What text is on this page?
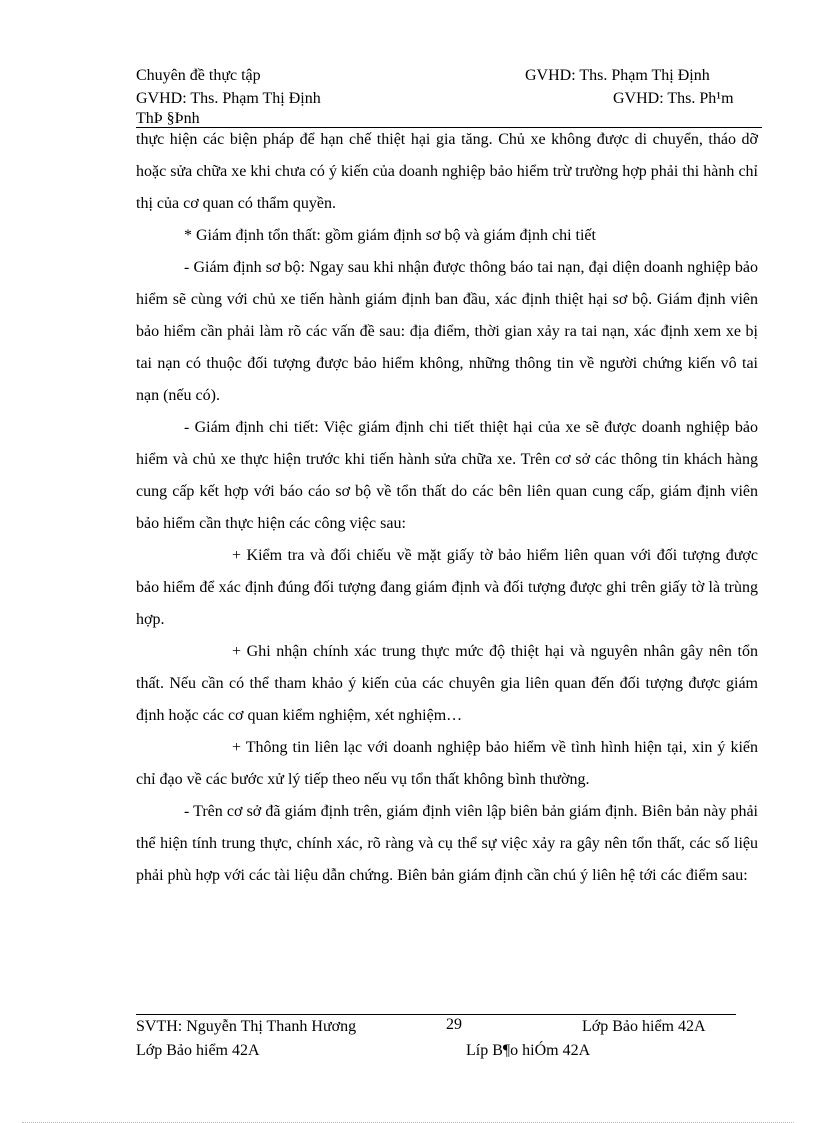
Chuyên đề thực tập	GVHD: Ths. Phạm Thị Định
GVHD: Ths. Phạm Thị Định	GVHD: Ths. Ph¹m
ThÞ §Þnh

thực hiện các biện pháp để hạn chế thiệt hại gia tăng. Chủ xe không được di chuyển, tháo dỡ hoặc sửa chữa xe khi chưa có ý kiến của doanh nghiệp bảo hiểm trừ trường hợp phải thi hành chỉ thị của cơ quan có thẩm quyền.

* Giám định tổn thất: gồm giám định sơ bộ và giám định chi tiết

- Giám định sơ bộ: Ngay sau khi nhận được thông báo tai nạn, đại diện doanh nghiệp bảo hiểm sẽ cùng với chủ xe tiến hành giám định ban đầu, xác định thiệt hại sơ bộ. Giám định viên bảo hiểm cần phải làm rõ các vấn đề sau: địa điểm, thời gian xảy ra tai nạn, xác định xem xe bị tai nạn có thuộc đối tượng được bảo hiểm không, những thông tin về người chứng kiến vô tai nạn (nếu có).

- Giám định chi tiết: Việc giám định chi tiết thiệt hại của xe sẽ được doanh nghiệp bảo hiểm và chủ xe thực hiện trước khi tiến hành sửa chữa xe. Trên cơ sở các thông tin khách hàng cung cấp kết hợp với báo cáo sơ bộ về tổn thất do các bên liên quan cung cấp, giám định viên bảo hiểm cần thực hiện các công việc sau:

+ Kiểm tra và đối chiếu về mặt giấy tờ bảo hiểm liên quan với đối tượng được bảo hiểm để xác định đúng đối tượng đang giám định và đối tượng được ghi trên giấy tờ là trùng hợp.

+ Ghi nhận chính xác trung thực mức độ thiệt hại và nguyên nhân gây nên tổn thất. Nếu cần có thể tham khảo ý kiến của các chuyên gia liên quan đến đối tượng được giám định hoặc các cơ quan kiểm nghiệm, xét nghiệm…

+ Thông tin liên lạc với doanh nghiệp bảo hiểm về tình hình hiện tại, xin ý kiến chỉ đạo về các bước xử lý tiếp theo nếu vụ tổn thất không bình thường.

- Trên cơ sở đã giám định trên, giám định viên lập biên bản giám định. Biên bản này phải thể hiện tính trung thực, chính xác, rõ ràng và cụ thể sự việc xảy ra gây nên tổn thất, các số liệu phải phù hợp với các tài liệu dẫn chứng. Biên bản giám định cần chú ý liên hệ tới các điểm sau:

SVTH: Nguyễn Thị Thanh Hương	29	Lớp Bảo hiểm 42A
Lớp Bảo hiểm 42A	Líp B¶o hiÓm 42A
